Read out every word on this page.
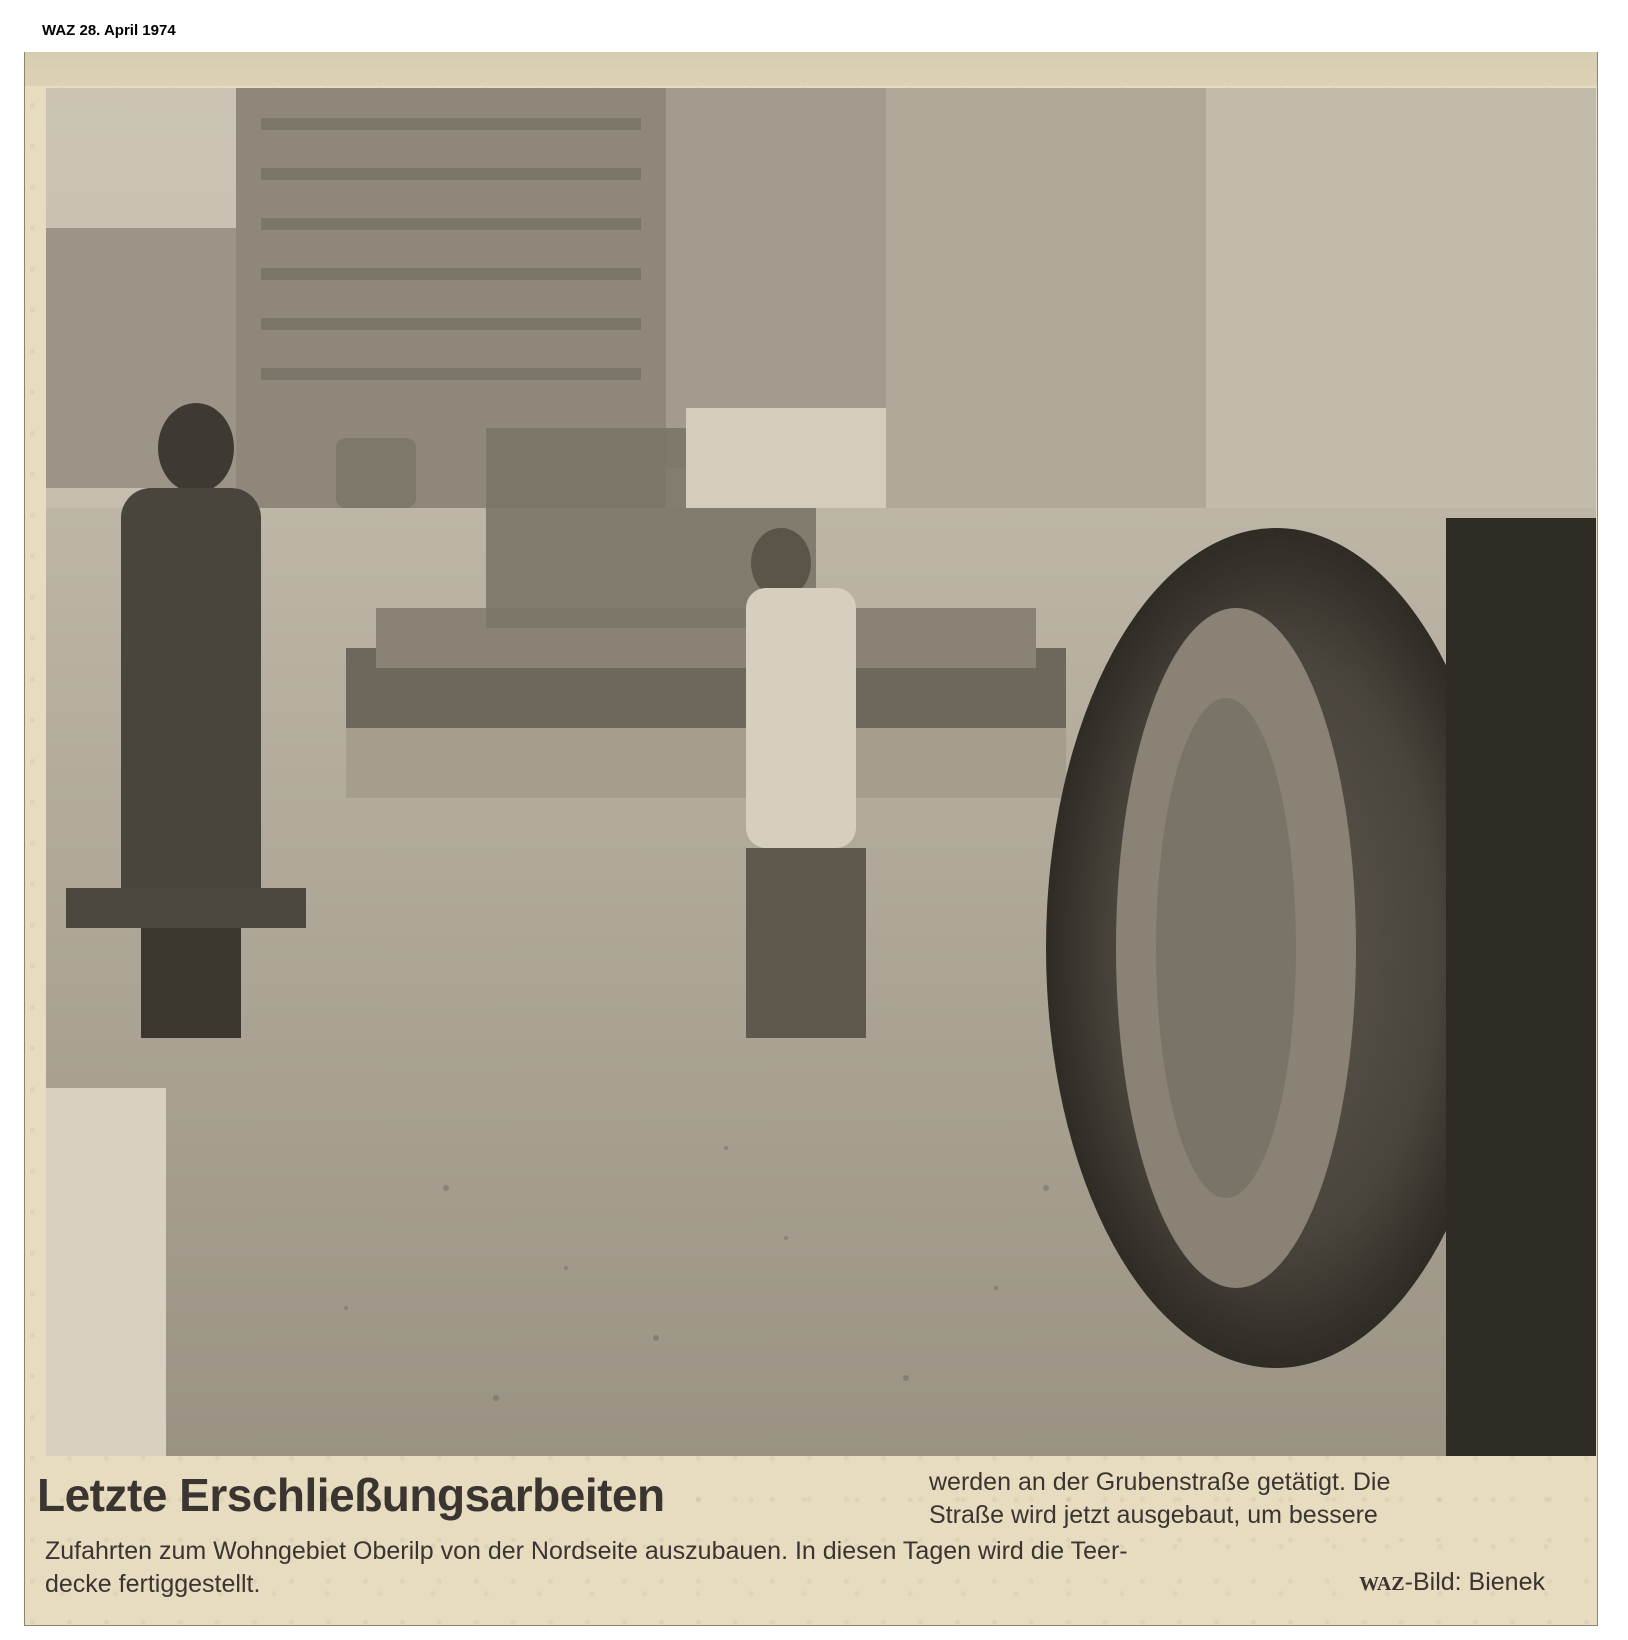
WAZ 28. April 1974
Letzte Erschließungsarbeiten	werden an der Grubenstraße getätigt. Die
Straße wird jetzt ausgebaut, um bessere
Zufahrten zum Wohngebiet Oberilp von der Nordseite auszubauen. In diesen Tagen wird die Teer-
decke fertiggestellt.	WAZ-Bild: Bienek
